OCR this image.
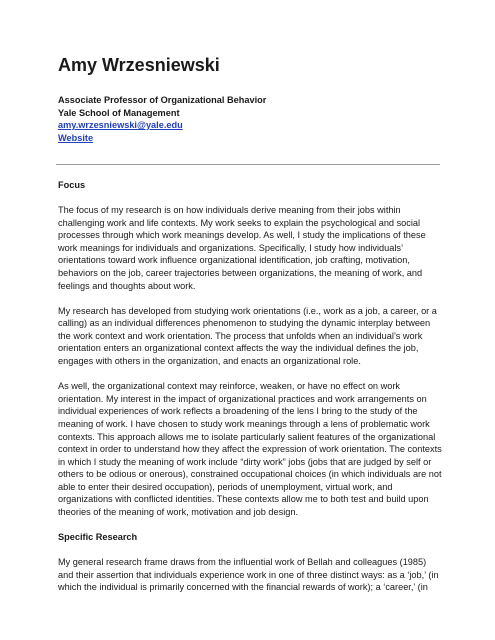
Amy Wrzesniewski
Associate Professor of Organizational Behavior
Yale School of Management
amy.wrzesniewski@yale.edu
Website
Focus

The focus of my research is on how individuals derive meaning from their jobs within challenging work and life contexts. My work seeks to explain the psychological and social processes through which work meanings develop. As well, I study the implications of these work meanings for individuals and organizations. Specifically, I study how individuals’ orientations toward work influence organizational identification, job crafting, motivation, behaviors on the job, career trajectories between organizations, the meaning of work, and feelings and thoughts about work.

My research has developed from studying work orientations (i.e., work as a job, a career, or a calling) as an individual differences phenomenon to studying the dynamic interplay between the work context and work orientation. The process that unfolds when an individual’s work orientation enters an organizational context affects the way the individual defines the job, engages with others in the organization, and enacts an organizational role.

As well, the organizational context may reinforce, weaken, or have no effect on work orientation. My interest in the impact of organizational practices and work arrangements on individual experiences of work reflects a broadening of the lens I bring to the study of the meaning of work. I have chosen to study work meanings through a lens of problematic work contexts. This approach allows me to isolate particularly salient features of the organizational context in order to understand how they affect the expression of work orientation. The contexts in which I study the meaning of work include “dirty work” jobs (jobs that are judged by self or others to be odious or onerous), constrained occupational choices (in which individuals are not able to enter their desired occupation), periods of unemployment, virtual work, and organizations with conflicted identities. These contexts allow me to both test and build upon theories of the meaning of work, motivation and job design.

Specific Research

My general research frame draws from the influential work of Bellah and colleagues (1985) and their assertion that individuals experience work in one of three distinct ways: as a ‘job,’ (in which the individual is primarily concerned with the financial rewards of work); a ‘career,’ (in
